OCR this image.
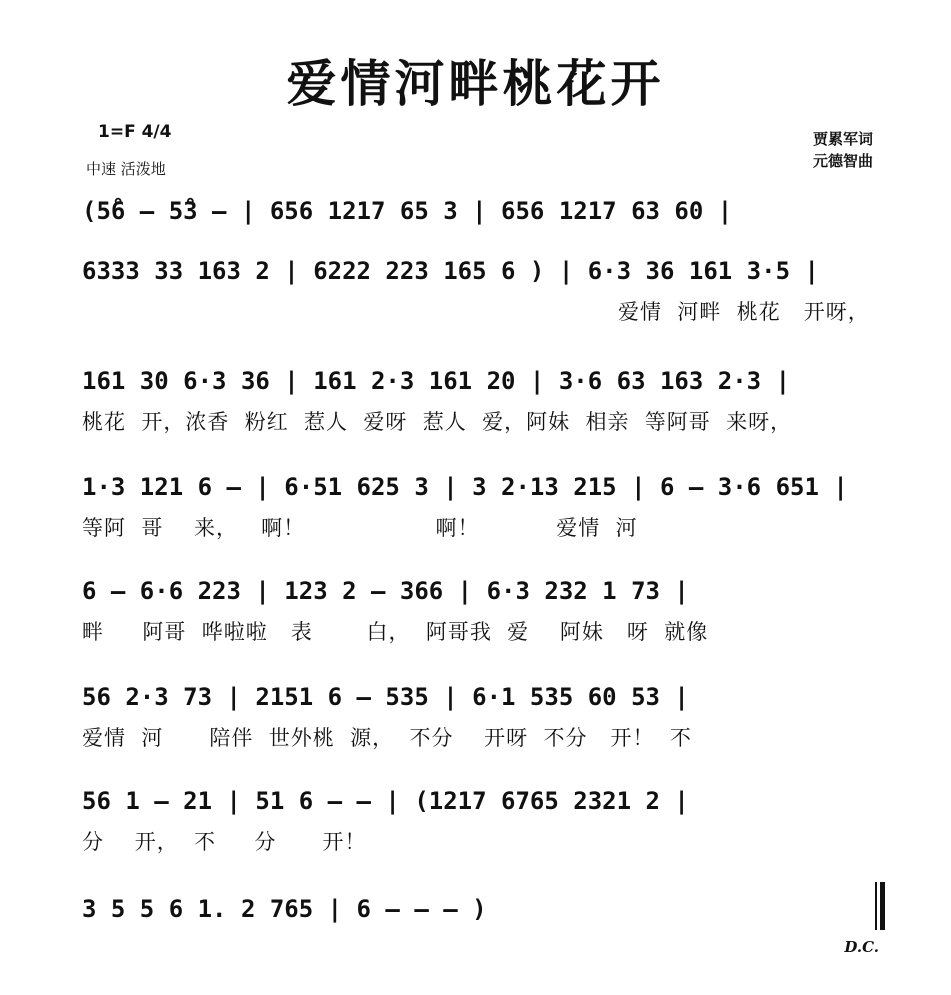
爱情河畔桃花开
1=F 4/4
中速 活泼地
贾累军词
元德智曲
(5̊6 – 5̊3 – | 656 1217 65 3 | 656 1217 63 60 |
6333 33 163 2 | 6222 223 165 6 ) | 6·3 36 161 3·5 |
爱情  河畔  桃花   开呀，
161 30 6·3 36 | 161 2·3 161 20 | 3·6 63 163 2·3 |
桃花  开，浓香  粉红  惹人  爱呀  惹人  爱，阿妹  相亲  等阿哥  来呀，
1·3 121 6 – | 6·51 625 3 | 3 2·13 215 | 6 – 3·6 651 |
等阿  哥    来，   啊！                 啊！          爱情  河
6 – 6·6 223 | 123 2 – 366 | 6·3 232 1 73 |
畔     阿哥  哗啦啦   表       白，  阿哥我  爱    阿妹   呀  就像
56 2·3 73 | 2151 6 – 535 | 6·1 535 60 53 |
爱情  河      陪伴  世外桃  源，  不分    开呀  不分   开！  不
56 1 – 21 | 51 6 – – | (1217 6765 2321 2 |
分    开，  不     分      开！
3 5 5 6 1. 2 765 | 6 – – – )
D.C.
